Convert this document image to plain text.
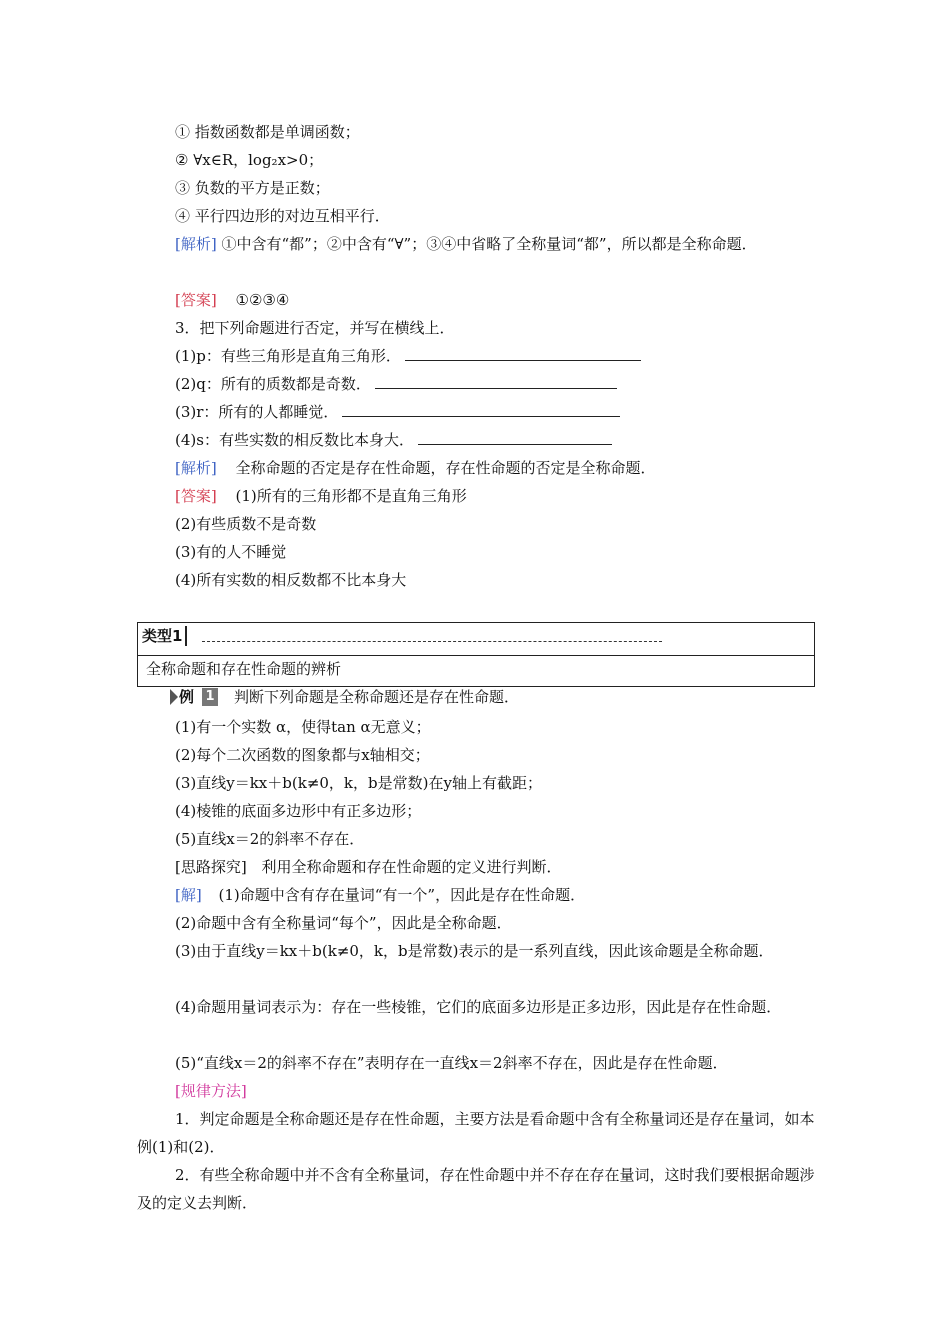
① 指数函数都是单调函数；
② ∀x∈R，log₂x>0；
③ 负数的平方是正数；
④ 平行四边形的对边互相平行．
[解析] ①中含有“都”；②中含有“∀”；③④中省略了全称量词“都”，所以都是全称命题．
[答案] ①②③④
3．把下列命题进行否定，并写在横线上．
(1)p：有些三角形是直角三角形．
(2)q：所有的质数都是奇数．
(3)r：所有的人都睡觉．
(4)s：有些实数的相反数比本身大．
[解析] 全称命题的否定是存在性命题，存在性命题的否定是全称命题．
[答案] (1)所有的三角形都不是直角三角形
(2)有些质数不是奇数
(3)有的人不睡觉
(4)所有实数的相反数都不比本身大
类型1
全称命题和存在性命题的辨析
例 1 判断下列命题是全称命题还是存在性命题．
(1)有一个实数 α，使得tan α无意义；
(2)每个二次函数的图象都与x轴相交；
(3)直线y＝kx＋b(k≠0，k，b是常数)在y轴上有截距；
(4)棱锥的底面多边形中有正多边形；
(5)直线x＝2的斜率不存在．
[思路探究] 利用全称命题和存在性命题的定义进行判断．
[解] (1)命题中含有存在量词“有一个”，因此是存在性命题．
(2)命题中含有全称量词“每个”，因此是全称命题．
(3)由于直线y＝kx＋b(k≠0，k，b是常数)表示的是一系列直线，因此该命题是全称命题．
(4)命题用量词表示为：存在一些棱锥，它们的底面多边形是正多边形，因此是存在性命题．
(5)“直线x＝2的斜率不存在”表明存在一直线x＝2斜率不存在，因此是存在性命题．
[规律方法]
1．判定命题是全称命题还是存在性命题，主要方法是看命题中含有全称量词还是存在量词，如本例(1)和(2)．
2．有些全称命题中并不含有全称量词，存在性命题中并不存在存在量词，这时我们要根据命题涉及的定义去判断．
